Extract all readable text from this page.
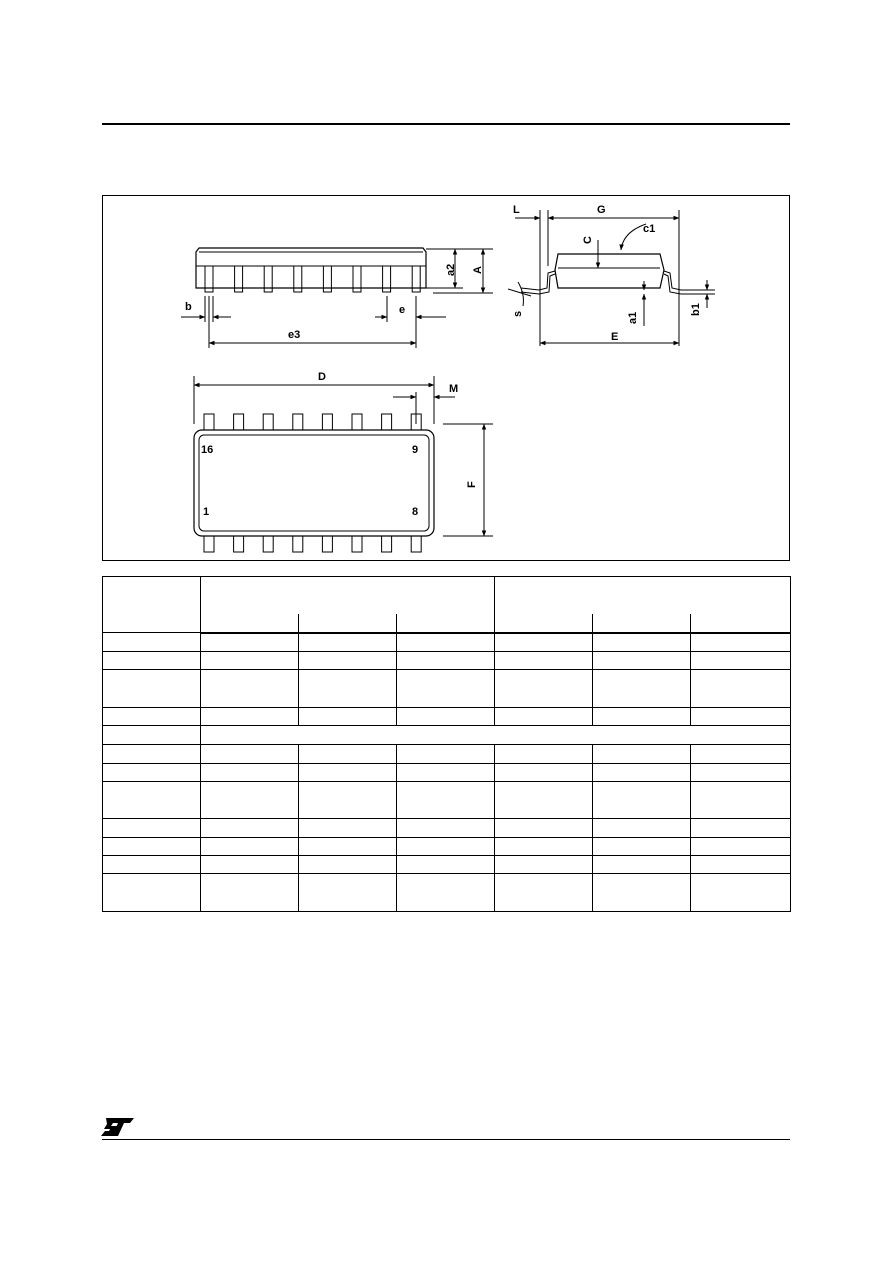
b
e3
e
a2 A
L	G
C
c1
s	a1
b1
E
D
M
F
16	9
1	8
